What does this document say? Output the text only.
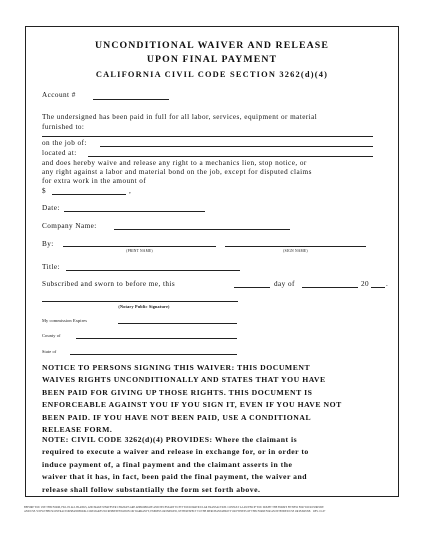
UNCONDITIONAL WAIVER AND RELEASE
UPON FINAL PAYMENT
CALIFORNIA CIVIL CODE SECTION 3262(d)(4)
Account #
The undersigned has been paid in full for all labor, services, equipment or material
furnished to:
on the job of:
located at:
and does hereby waive and release any right to a mechanics lien, stop notice, or
any right against a labor and material bond on the job, except for disputed claims
for extra work in the amount of
$	,
Date:
Company Name:
By:
(PRINT NAME)	(SIGN NAME)
Title:
Subscribed and sworn to before me, this	day of	20 .
(Notary Public Signature)
My commission Expires
County of
State of
NOTICE TO PERSONS SIGNING THIS WAIVER: THIS DOCUMENT
WAIVES RIGHTS UNCONDITIONALLY AND STATES THAT YOU HAVE
BEEN PAID FOR GIVING UP THOSE RIGHTS. THIS DOCUMENT IS
ENFORCEABLE AGAINST YOU IF YOU SIGN IT, EVEN IF YOU HAVE NOT
BEEN PAID. IF YOU HAVE NOT BEEN PAID, USE A CONDITIONAL
RELEASE FORM.
NOTE: CIVIL CODE 3262(d)(4) PROVIDES: Where the claimant is
required to execute a waiver and release in exchange for, or in order to
induce payment of, a final payment and the claimant asserts in the
waiver that it has, in fact, been paid the final payment, the waiver and
release shall follow substantially the form set forth above.
BEFORE YOU USE THIS FORM, FILL IN ALL BLANKS, AND MAKE WHATEVER CHANGES ARE APPROPRIATE AND NECESSARY TO FIT YOUR PARTICULAR TRANSACTION. CONSULT A LAWYER IF YOU DOUBT THE FORM'S FITNESS FOR YOUR PURPOSE
AND USE. WWW.THEUSCONTRACTORSHANDBOOK.COM MAKES NO REPRESENTATION OR WARRANTY, EXPRESS OR IMPLIED, WITH RESPECT TO THE MERCHANTABILITY OR FITNESS OF THIS FORM FOR AN INTENDED USE OR PURPOSE. REV. 01-07
